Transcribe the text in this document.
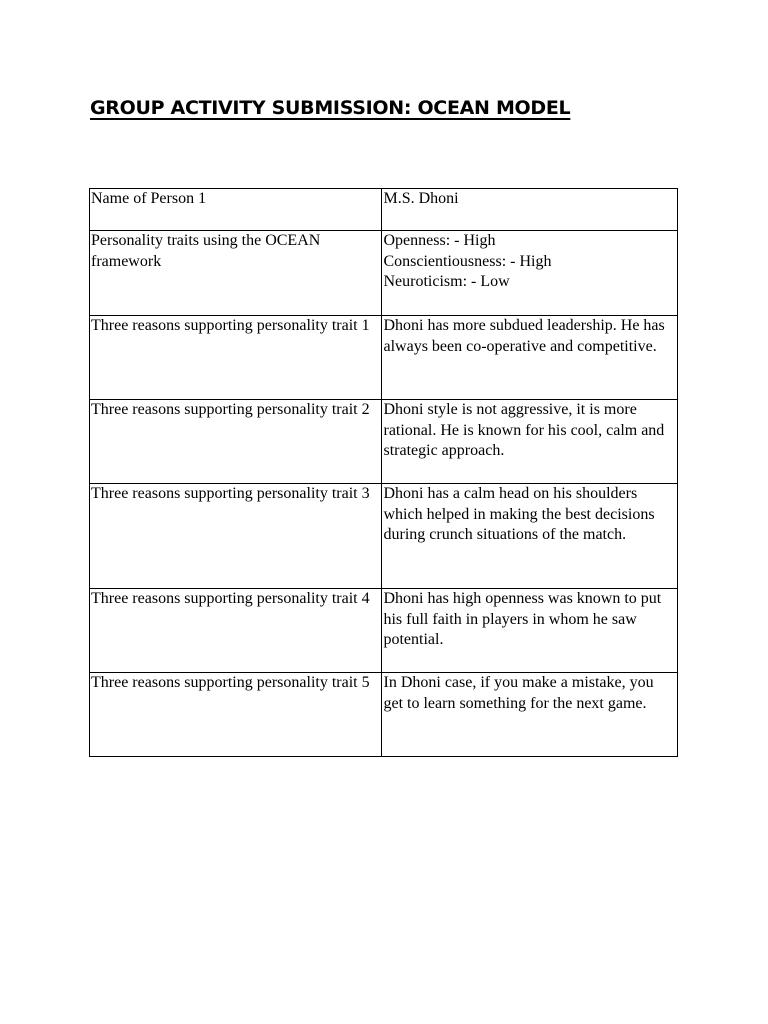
GROUP ACTIVITY SUBMISSION: OCEAN MODEL
Name of Person 1	M.S. Dhoni

Personality traits using the OCEAN framework	Openness: - High
Conscientiousness: - High
Neuroticism: - Low

Three reasons supporting personality trait 1	Dhoni has more subdued leadership. He has always been co-operative and competitive.

Three reasons supporting personality trait 2	Dhoni style is not aggressive, it is more rational. He is known for his cool, calm and strategic approach.

Three reasons supporting personality trait 3	Dhoni has a calm head on his shoulders which helped in making the best decisions during crunch situations of the match.

Three reasons supporting personality trait 4	Dhoni has high openness was known to put his full faith in players in whom he saw potential.

Three reasons supporting personality trait 5	In Dhoni case, if you make a mistake, you get to learn something for the next game.
